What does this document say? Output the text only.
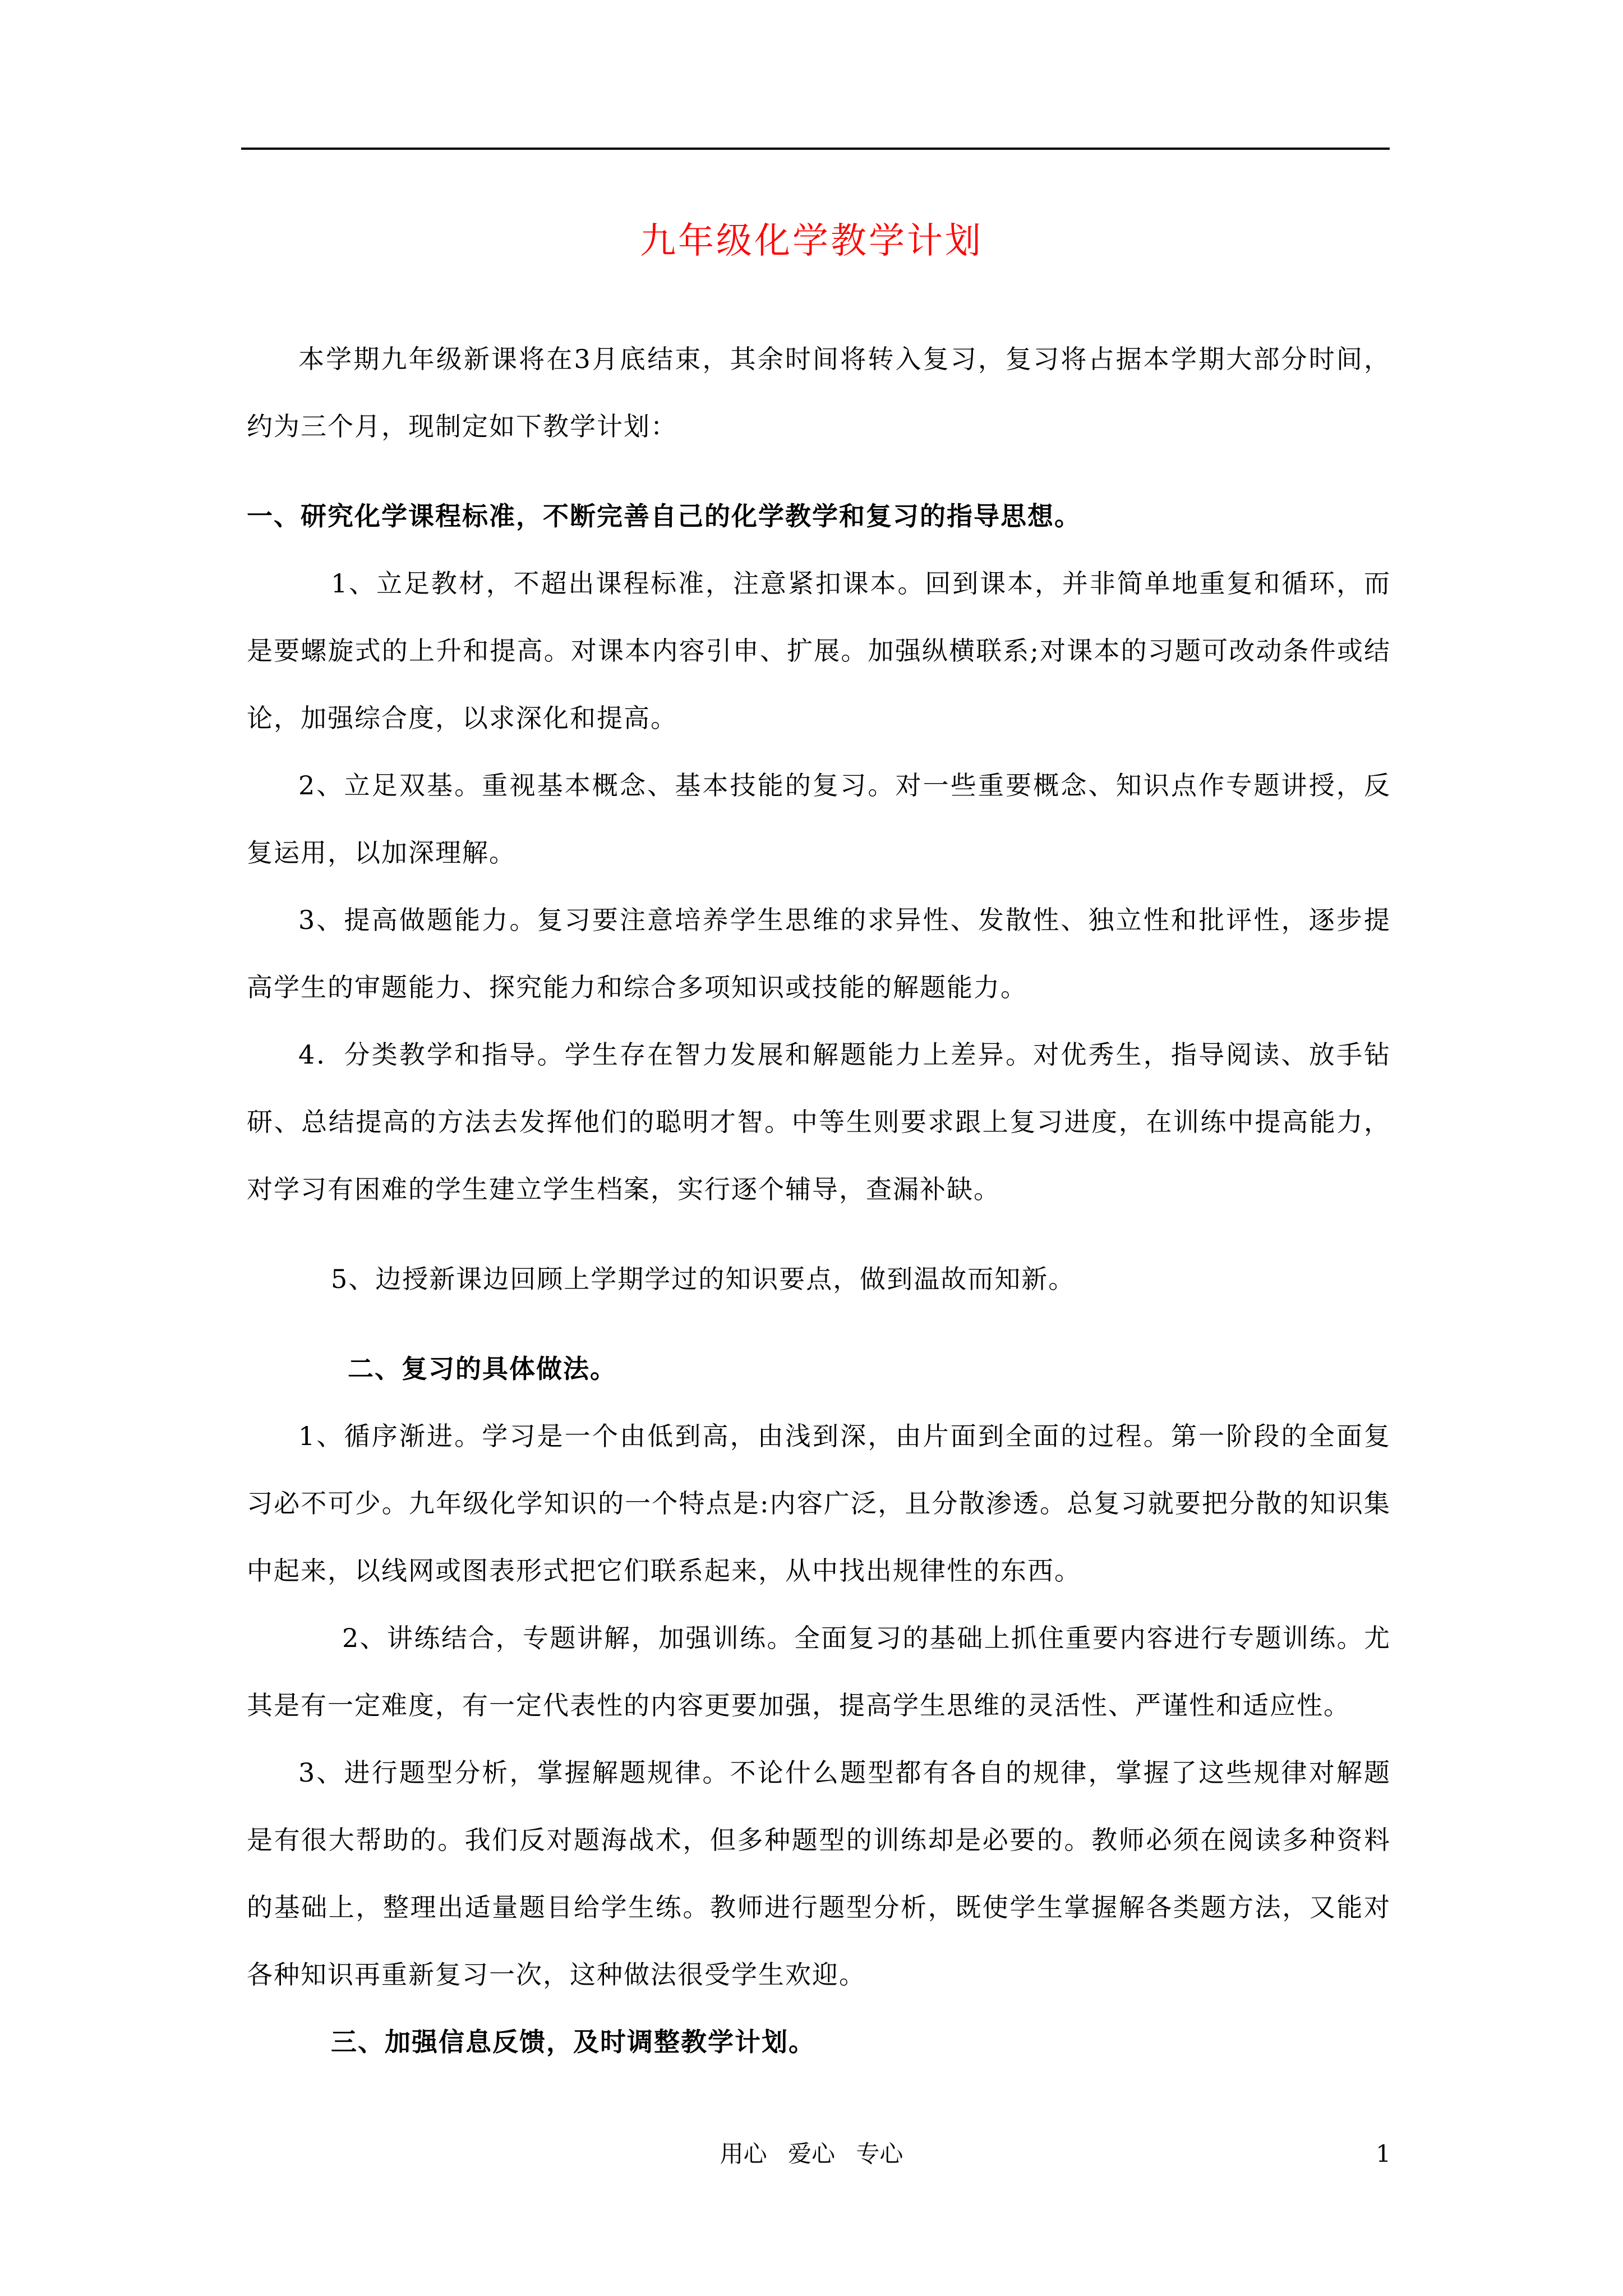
九年级化学教学计划

本学期九年级新课将在3月底结束，其余时间将转入复习，复习将占据本学期大部分时间，约为三个月，现制定如下教学计划：

一、研究化学课程标准，不断完善自己的化学教学和复习的指导思想。

1、立足教材，不超出课程标准，注意紧扣课本。回到课本，并非简单地重复和循环，而是要螺旋式的上升和提高。对课本内容引申、扩展。加强纵横联系;对课本的习题可改动条件或结论，加强综合度，以求深化和提高。

2、立足双基。重视基本概念、基本技能的复习。对一些重要概念、知识点作专题讲授，反复运用，以加深理解。

3、提高做题能力。复习要注意培养学生思维的求异性、发散性、独立性和批评性，逐步提高学生的审题能力、探究能力和综合多项知识或技能的解题能力。

4．分类教学和指导。学生存在智力发展和解题能力上差异。对优秀生，指导阅读、放手钻研、总结提高的方法去发挥他们的聪明才智。中等生则要求跟上复习进度，在训练中提高能力，对学习有困难的学生建立学生档案，实行逐个辅导，查漏补缺。

5、边授新课边回顾上学期学过的知识要点，做到温故而知新。

二、复习的具体做法。

1、循序渐进。学习是一个由低到高，由浅到深，由片面到全面的过程。第一阶段的全面复习必不可少。九年级化学知识的一个特点是:内容广泛，且分散渗透。总复习就要把分散的知识集中起来，以线网或图表形式把它们联系起来，从中找出规律性的东西。

2、讲练结合，专题讲解，加强训练。全面复习的基础上抓住重要内容进行专题训练。尤其是有一定难度，有一定代表性的内容更要加强，提高学生思维的灵活性、严谨性和适应性。

3、进行题型分析，掌握解题规律。不论什么题型都有各自的规律，掌握了这些规律对解题是有很大帮助的。我们反对题海战术，但多种题型的训练却是必要的。教师必须在阅读多种资料的基础上，整理出适量题目给学生练。教师进行题型分析，既使学生掌握解各类题方法，又能对各种知识再重新复习一次，这种做法很受学生欢迎。

三、加强信息反馈，及时调整教学计划。

用心 爱心 专心	1
